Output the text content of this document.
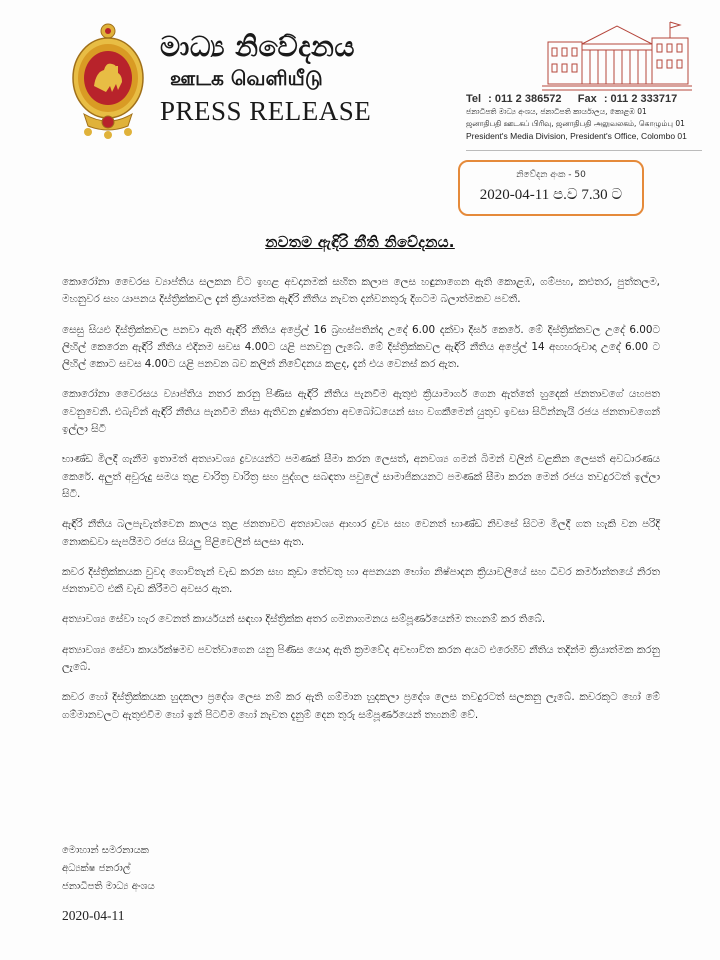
මාධ්‍ය නිවේදනය
ஊடக வெளியீடு
PRESS RELEASE	Tel : 011 2 386572 Fax : 011 2 333717
ජනාධිපති මාධ්‍ය අංශය, ජනාධිපති කාර්යාලය, කොළඹ 01
ஜனாதிபதி ஊடகப் பிரிவு, ஜனாதிபதி அலுவலகம், கொழும்பு 01
President's Media Division, President's Office, Colombo 01
නිවේදන අංක - 50
2020-04-11 ප.ව 7.30 ට
නවතම ඇඳිරි නීති නිවේදනය.

කොරෝනා වෛරස ව්‍යාප්තිය සලකන විට ඉහළ අවදානමක් සහිත කලාප ලෙස හඳුනාගෙන ඇති කොළඹ, ගම්පහ, කළුතර, පුත්තලම, මහනුවර සහ යාපනය දිස්ත්‍රික්කවල දැන් ක්‍රියාත්මක ඇඳිරි නීතිය නැවත දන්වනතුරු දිගටම බලාත්මකව පවතී.

සෙසු සියළු දිස්ත්‍රික්කවල පනවා ඇති ඇඳිරි නීතිය අප්‍රේල් 16 බ්‍රහස්පතින්දා උදේ 6.00 දක්වා දීර්ඝ කෙරේ. මේ දිස්ත්‍රික්කවල උදේ 6.00ට ලිහිල් කෙරෙන ඇඳිරි නීතිය එදිනම සවස 4.00ට යළි පනවනු ලැබේ. මේ දිස්ත්‍රික්කවල ඇඳිරි නීතිය අප්‍රේල් 14 අඟහරුවාදා උදේ 6.00 ට ලිහිල් කොට සවස 4.00ට යළි පනවන බව කලින් නිවේදනය කළද, දැන් එය වෙනස් කර ඇත.

කොරෝනා වෛරසය ව්‍යාප්තිය නතර කරනු පිණිස ඇඳිරි නීතිය පැනවීම ඇතුළු ක්‍රියාමාර්ග ගෙන ඇත්තේ හුදෙක් ජනතාවගේ යහපත වෙනුවෙනි. එබැවින් ඇඳිරි නීතිය පැනවීම නිසා ඇතිවන දුෂ්කරතා අවබෝධයෙන් සහ වගකීමෙන් යුතුව ඉවසා සිටින්නැයි රජය ජනතාවගෙන් ඉල්ලා සිටී

භාණ්ඩ මිලදී ගැනීම ඉතාමත් අත්‍යාවශ්‍ය ද්‍රව්‍යයන්ට පමණක් සීමා කරන ලෙසත්, අනවශ්‍ය ගමන් බිමන් වලින් වළකින ලෙසත් අවධාරණය කෙරේ. අලුත් අවුරුදු සමය තුළ චාරිත්‍ර වාරිත්‍ර සහ පුද්ගල සබඳතා පවුලේ සාමාජිකයනට පමණක් සීමා කරන මෙන් රජය තවදුරටත් ඉල්ලා සිටී.

ඇඳිරි නීතිය බලපැවැත්වෙන කාලය තුළ ජනතාවට අත්‍යාවශ්‍ය ආහාර ද්‍රව්‍ය සහ වෙනත් භාණ්ඩ නිවසේ සිටම මිලදී ගත හැකි වන පරිදි නොකඩවා සැපයීමට රජය සියලු පිළිවෙලින් සලසා ඇත.

කවර දිස්ත්‍රික්කයක වුවද ගොවිතැන් වැඩ කරන සහ කුඩා තේවතු හා අපනයන භෝග නිෂ්පාදන ක්‍රියාවලියේ සහ ධීවර කර්මාන්තයේ නිරත ජනතාවට එකී වැඩ කිරීමට අවසර ඇත.

අත්‍යාවශ්‍ය සේවා හැර වෙනත් කාර්යයන් සඳහා දිස්ත්‍රික්ක අතර ගමනාගමනය සම්පූර්ණයෙන්ම තහනම් කර තිබේ.

අත්‍යාවශ්‍ය සේවා කාර්යක්ෂමව පවත්වාගෙන යනු පිණිස යොදා ඇති ක්‍රමවේද අවභාවිත කරන අයට එරෙහිව නීතිය තදින්ම ක්‍රියාත්මක කරනු ලැබේ.

කවර හෝ දිස්ත්‍රික්කයක හුදකලා ප්‍රදේශ ලෙස නම් කර ඇති ගම්මාන හුදකලා ප්‍රදේශ ලෙස තවදුරටත් සලකනු ලැබේ. කවරකුට හෝ මේ ගම්මානවලට ඇතුළුවීම හෝ ඉන් පිටවීම හෝ නැවත දැනුම් දෙන තුරු සම්පූර්ණයෙන් තහනම් වේ.

මොහාන් සමරනායක
අධ්‍යක්ෂ ජනරාල්
ජනාධිපති මාධ්‍ය අංශය
2020-04-11
